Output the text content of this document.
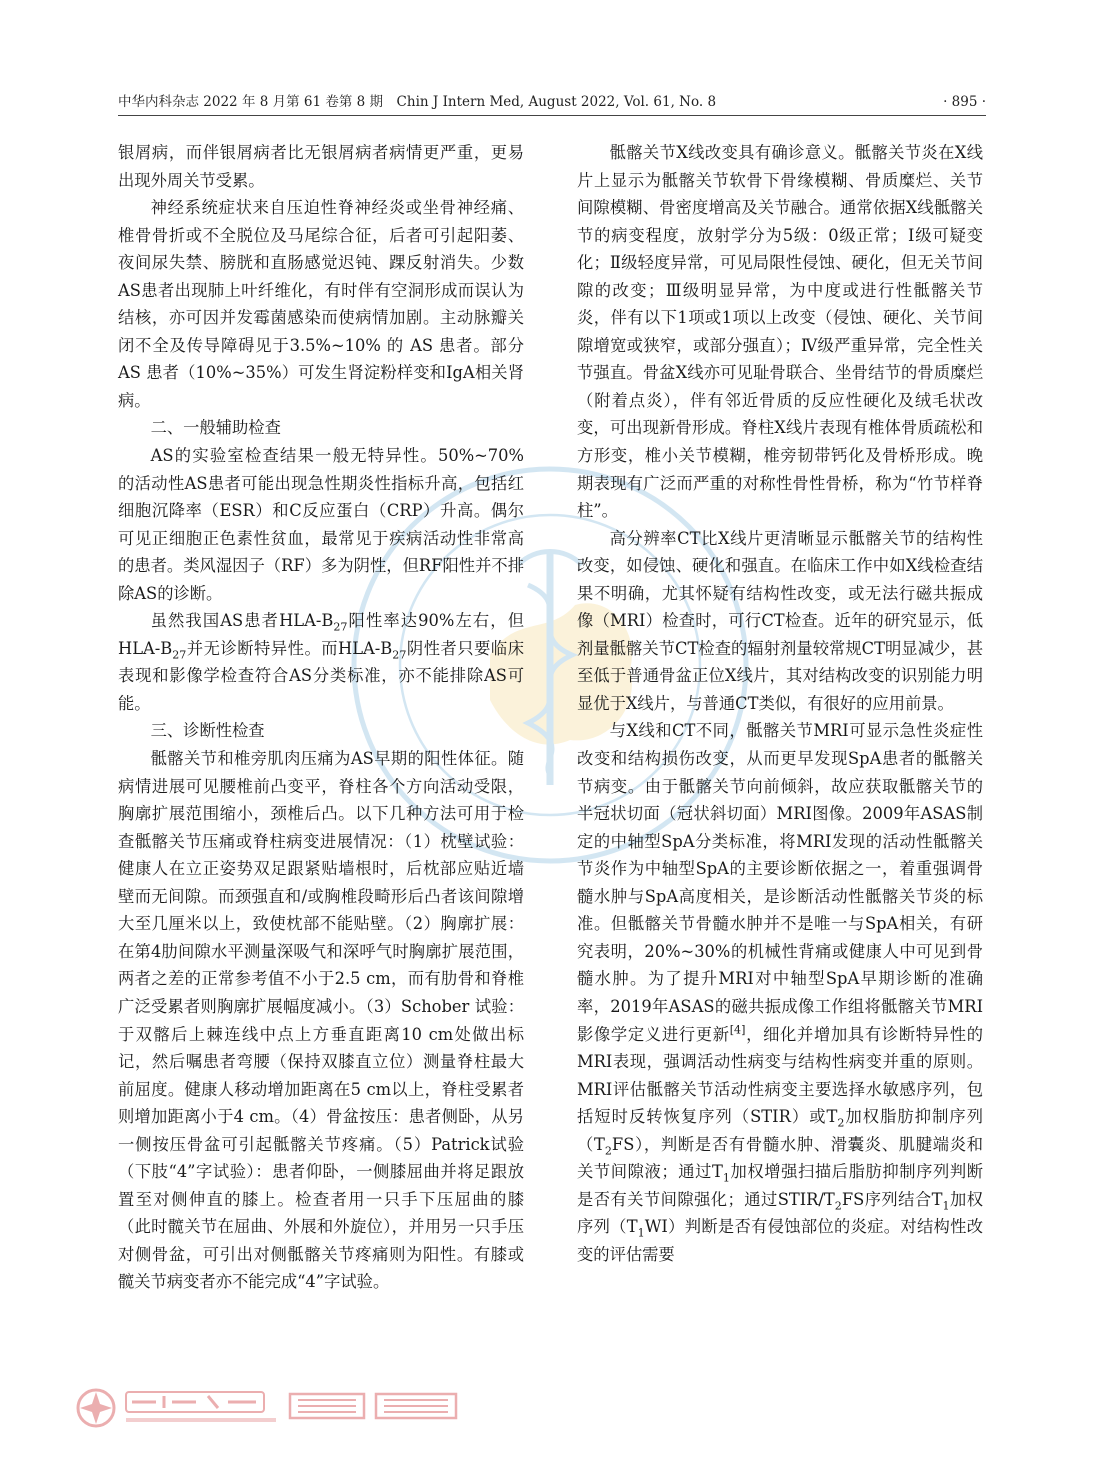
中华内科杂志 2022 年 8 月第 61 卷第 8 期　Chin J Intern Med, August 2022, Vol. 61, No. 8	· 895 ·

银屑病，而伴银屑病者比无银屑病者病情更严重，更易出现外周关节受累。

神经系统症状来自压迫性脊神经炎或坐骨神经痛、椎骨骨折或不全脱位及马尾综合征，后者可引起阳萎、夜间尿失禁、膀胱和直肠感觉迟钝、踝反射消失。少数AS患者出现肺上叶纤维化，有时伴有空洞形成而误认为结核，亦可因并发霉菌感染而使病情加剧。主动脉瓣关闭不全及传导障碍见于3.5%~10% 的 AS 患者。部分 AS 患者（10%~35%）可发生肾淀粉样变和IgA相关肾病。

二、一般辅助检查

AS的实验室检查结果一般无特异性。50%~70% 的活动性AS患者可能出现急性期炎性指标升高，包括红细胞沉降率（ESR）和C反应蛋白（CRP）升高。偶尔可见正细胞正色素性贫血，最常见于疾病活动性非常高的患者。类风湿因子（RF）多为阴性，但RF阳性并不排除AS的诊断。

虽然我国AS患者HLA-$B_{27}$阳性率达90%左右，但HLA-$B_{27}$并无诊断特异性。而HLA-$B_{27}$阴性者只要临床表现和影像学检查符合AS分类标准，亦不能排除AS可能。

三、诊断性检查

骶髂关节和椎旁肌肉压痛为AS早期的阳性体征。随病情进展可见腰椎前凸变平，脊柱各个方向活动受限，胸廓扩展范围缩小，颈椎后凸。以下几种方法可用于检查骶髂关节压痛或脊柱病变进展情况：（1）枕壁试验：健康人在立正姿势双足跟紧贴墙根时，后枕部应贴近墙壁而无间隙。而颈强直和/或胸椎段畸形后凸者该间隙增大至几厘米以上，致使枕部不能贴壁。（2）胸廓扩展：在第4肋间隙水平测量深吸气和深呼气时胸廓扩展范围，两者之差的正常参考值不小于2.5 cm，而有肋骨和脊椎广泛受累者则胸廓扩展幅度减小。（3）Schober 试验：于双髂后上棘连线中点上方垂直距离10 cm处做出标记，然后嘱患者弯腰（保持双膝直立位）测量脊柱最大前屈度。健康人移动增加距离在5 cm以上，脊柱受累者则增加距离小于4 cm。（4）骨盆按压：患者侧卧，从另一侧按压骨盆可引起骶髂关节疼痛。（5）Patrick试验（下肢“4”字试验）：患者仰卧，一侧膝屈曲并将足跟放置至对侧伸直的膝上。检查者用一只手下压屈曲的膝（此时髋关节在屈曲、外展和外旋位），并用另一只手压对侧骨盆，可引出对侧骶髂关节疼痛则为阳性。有膝或髋关节病变者亦不能完成“4”字试验。

骶髂关节X线改变具有确诊意义。骶髂关节炎在X线片上显示为骶髂关节软骨下骨缘模糊、骨质糜烂、关节间隙模糊、骨密度增高及关节融合。通常依据X线骶髂关节的病变程度，放射学分为5级：0级正常；Ⅰ级可疑变化；Ⅱ级轻度异常，可见局限性侵蚀、硬化，但无关节间隙的改变；Ⅲ级明显异常，为中度或进行性骶髂关节炎，伴有以下1项或1项以上改变（侵蚀、硬化、关节间隙增宽或狭窄，或部分强直）；Ⅳ级严重异常，完全性关节强直。骨盆X线亦可见耻骨联合、坐骨结节的骨质糜烂（附着点炎），伴有邻近骨质的反应性硬化及绒毛状改变，可出现新骨形成。脊柱X线片表现有椎体骨质疏松和方形变，椎小关节模糊，椎旁韧带钙化及骨桥形成。晚期表现有广泛而严重的对称性骨性骨桥，称为“竹节样脊柱”。

高分辨率CT比X线片更清晰显示骶髂关节的结构性改变，如侵蚀、硬化和强直。在临床工作中如X线检查结果不明确，尤其怀疑有结构性改变，或无法行磁共振成像（MRI）检查时，可行CT检查。近年的研究显示，低剂量骶髂关节CT检查的辐射剂量较常规CT明显减少，甚至低于普通骨盆正位X线片，其对结构改变的识别能力明显优于X线片，与普通CT类似，有很好的应用前景。

与X线和CT不同，骶髂关节MRI可显示急性炎症性改变和结构损伤改变，从而更早发现SpA患者的骶髂关节病变。由于骶髂关节向前倾斜，故应获取骶髂关节的半冠状切面（冠状斜切面）MRI图像。2009年ASAS制定的中轴型SpA分类标准，将MRI发现的活动性骶髂关节炎作为中轴型SpA的主要诊断依据之一，着重强调骨髓水肿与SpA高度相关，是诊断活动性骶髂关节炎的标准。但骶髂关节骨髓水肿并不是唯一与SpA相关，有研究表明，20%~30%的机械性背痛或健康人中可见到骨髓水肿。为了提升MRI对中轴型SpA早期诊断的准确率，2019年ASAS的磁共振成像工作组将骶髂关节MRI影像学定义进行更新[4]，细化并增加具有诊断特异性的MRI表现，强调活动性病变与结构性病变并重的原则。MRI评估骶髂关节活动性病变主要选择水敏感序列，包括短时反转恢复序列（STIR）或$T_2$加权脂肪抑制序列$(T_2FS)$，判断是否有骨髓水肿、滑囊炎、肌腱端炎和关节间隙液；通过$T_1$加权增强扫描后脂肪抑制序列判断是否有关节间隙强化；通过STIR/$T_2FS$序列结合$T_1$加权序列$(T_1WI)$判断是否有侵蚀部位的炎症。对结构性改变的评估需要
